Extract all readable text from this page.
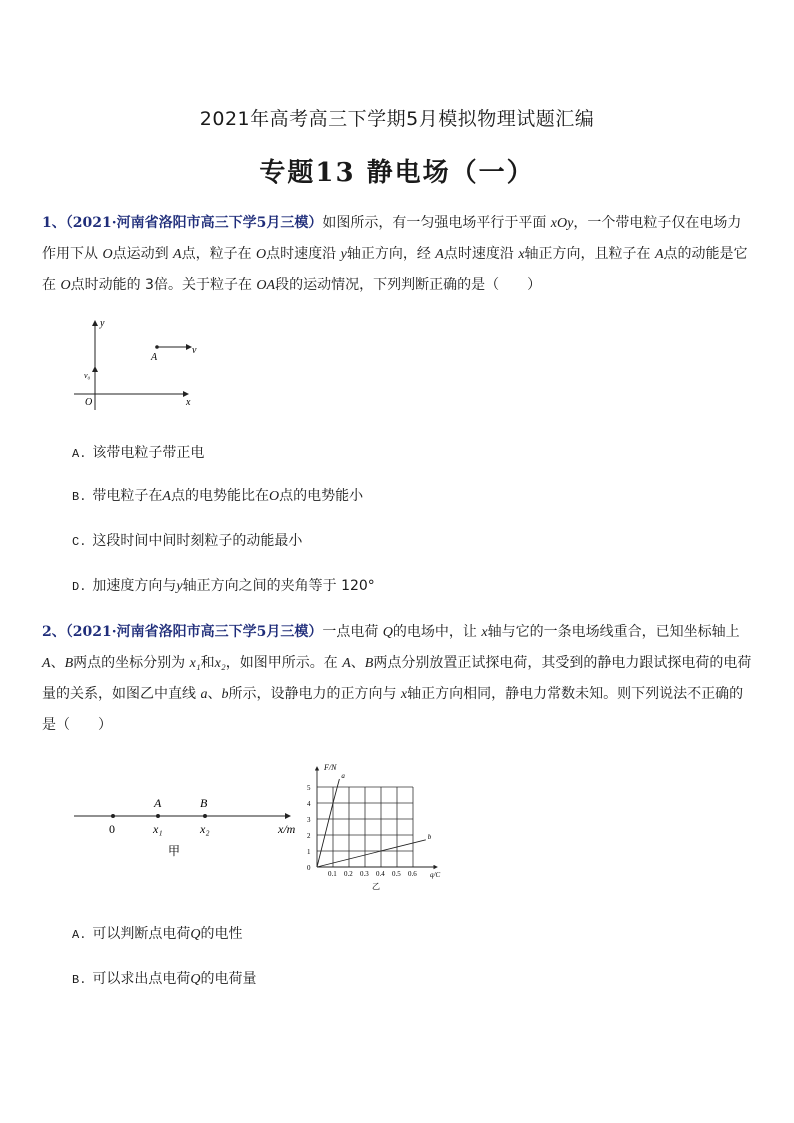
2021年高考高三下学期5月模拟物理试题汇编
专题13 静电场（一）
1、（2021·河南省洛阳市高三下学5月三模）如图所示，有一匀强电场平行于平面 xOy，一个带电粒子仅在电场力作用下从 O点运动到 A点，粒子在 O点时速度沿 y轴正方向，经 A点时速度沿 x轴正方向，且粒子在 A点的动能是它在 O点时动能的 3倍。关于粒子在 OA段的运动情况，下列判断正确的是（　　）
y
x
O
A
v
v₀
A. 该带电粒子带正电
B. 带电粒子在A点的电势能比在O点的电势能小
C. 这段时间中间时刻粒子的动能最小
D. 加速度方向与y轴正方向之间的夹角等于 120°
2、（2021·河南省洛阳市高三下学5月三模）一点电荷 Q的电场中，让 x轴与它的一条电场线重合，已知坐标轴上 A、B两点的坐标分别为 x₁和x₂，如图甲所示。在 A、B两点分别放置正试探电荷，其受到的静电力跟试探电荷的电荷量的关系，如图乙中直线 a、b所示，设静电力的正方向与 x轴正方向相同，静电力常数未知。则下列说法不正确的是（　　）
0
A	B
x₁	x₂	x/m
甲
a
b
0.1 0.2 0.3 0.4 0.5 0.6
0
1
2
3
4
5
F/N
q/C
乙
A. 可以判断点电荷Q的电性
B. 可以求出点电荷Q的电荷量
